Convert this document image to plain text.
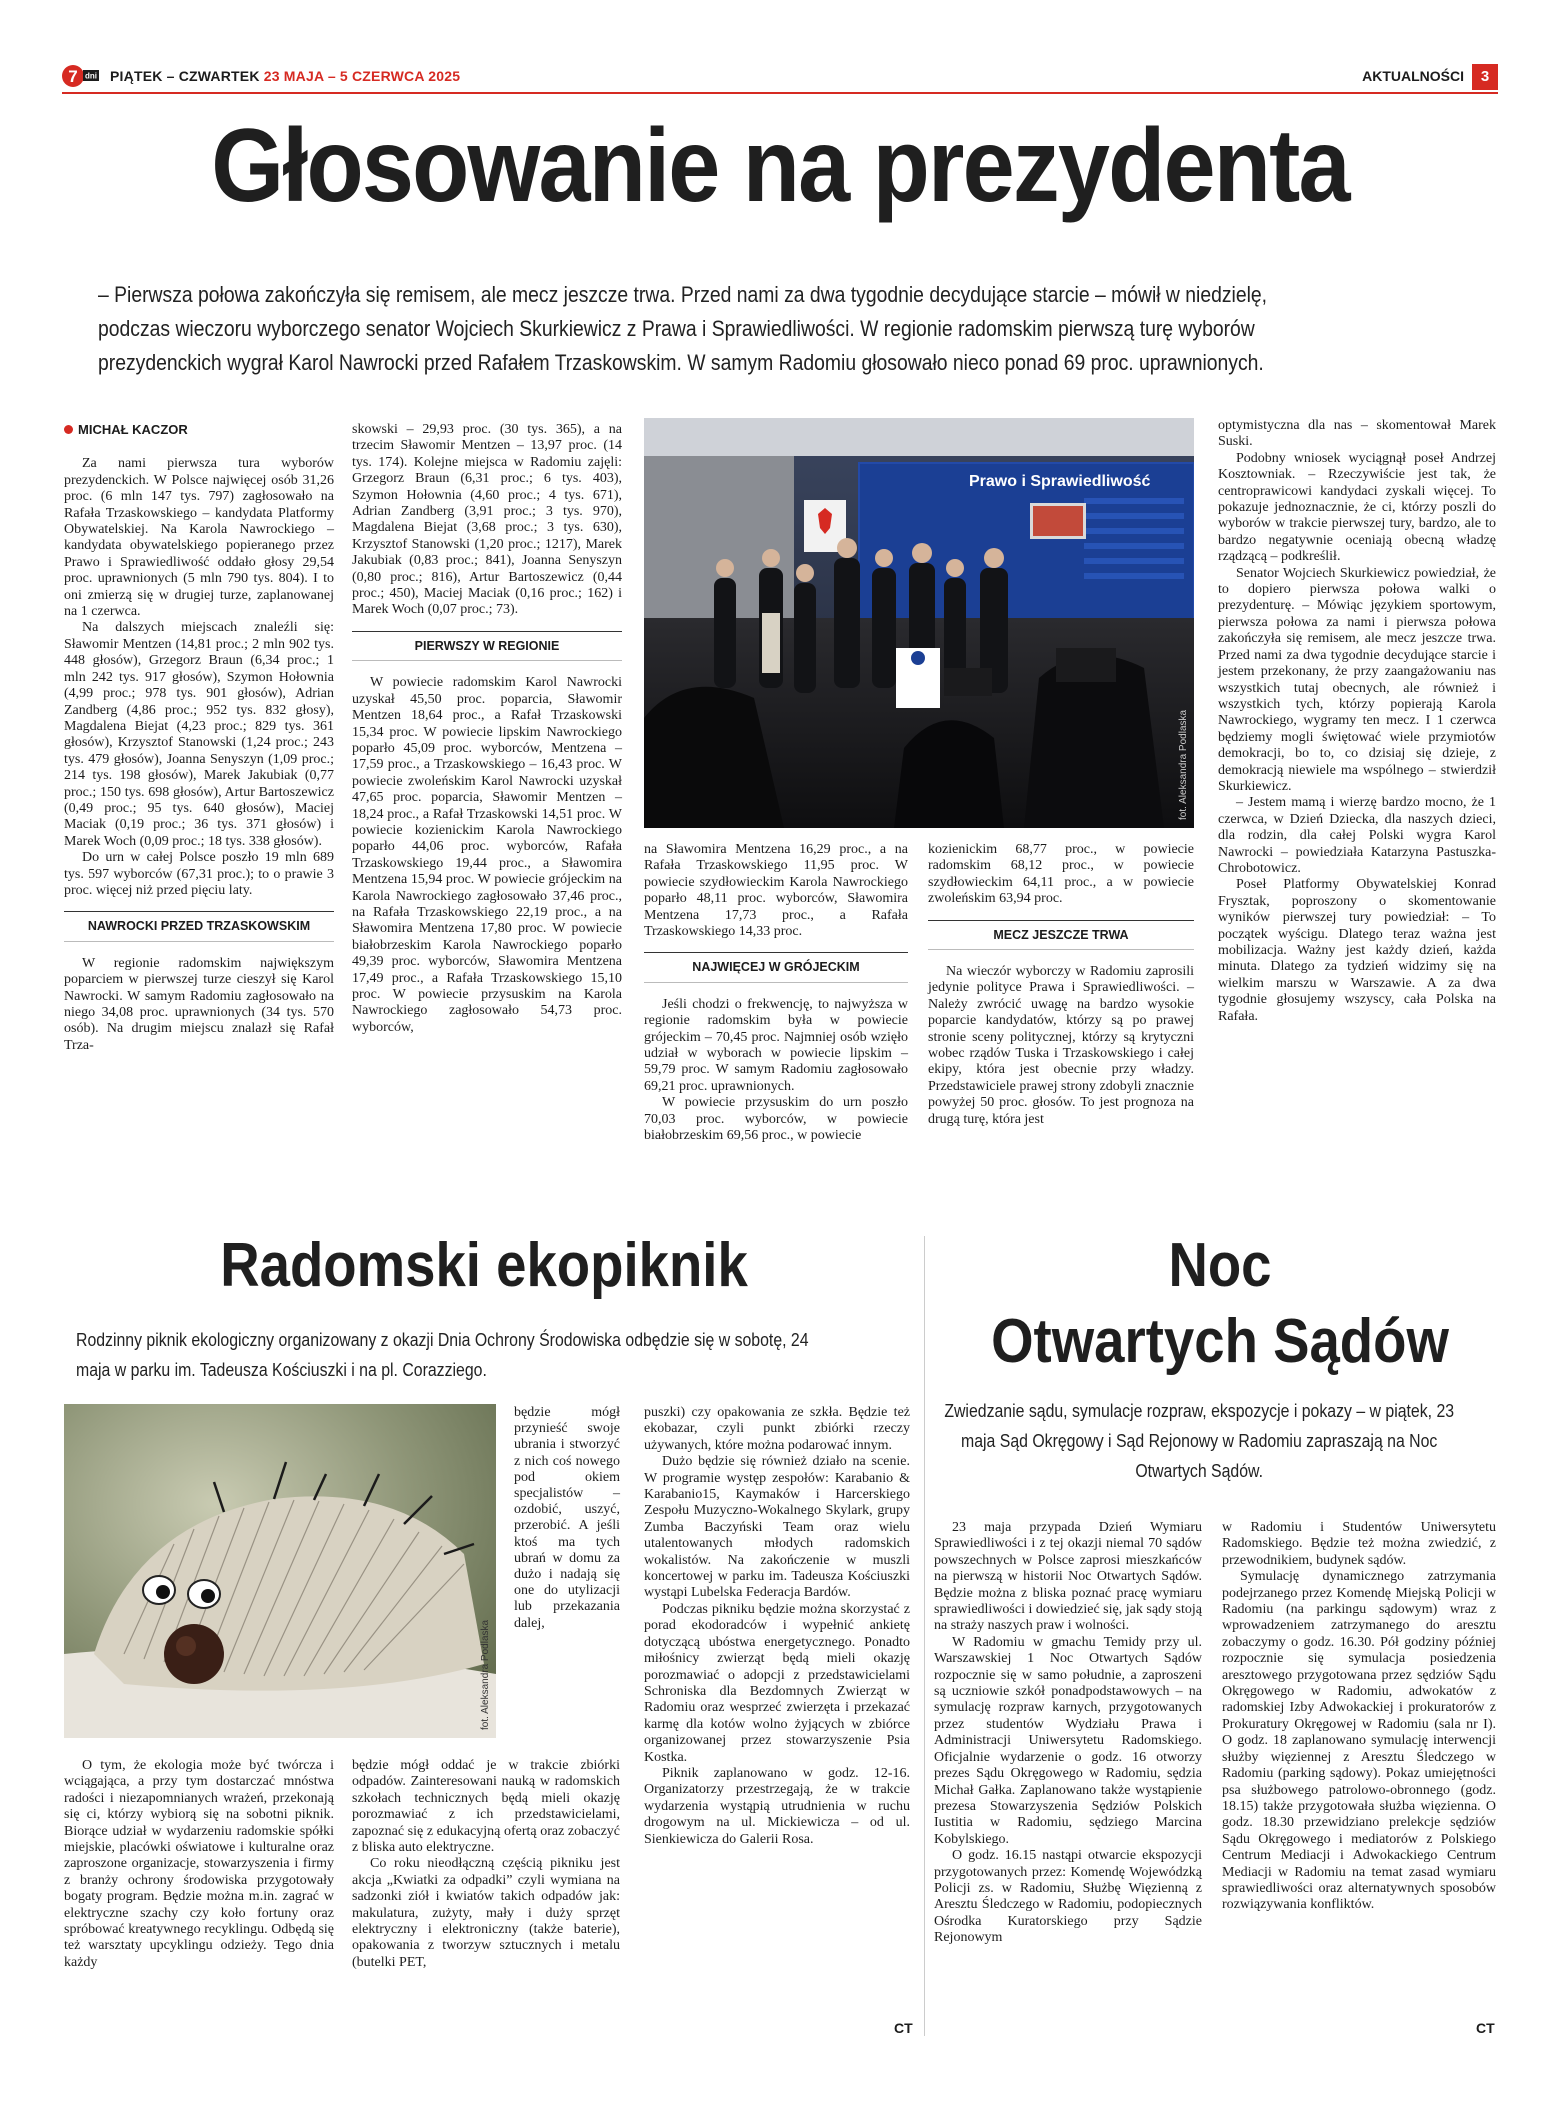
7 dni PIĄTEK – CZWARTEK 23 MAJA – 5 CZERWCA 2025	AKTUALNOŚCI	3
Głosowanie na prezydenta
– Pierwsza połowa zakończyła się remisem, ale mecz jeszcze trwa. Przed nami za dwa tygodnie decydujące starcie – mówił w niedzielę, podczas wieczoru wyborczego senator Wojciech Skurkiewicz z Prawa i Sprawiedliwości. W regionie radomskim pierwszą turę wyborów prezydenckich wygrał Karol Nawrocki przed Rafałem Trzaskowskim. W samym Radomiu głosowało nieco ponad 69 proc. uprawnionych.
MICHAŁ KACZOR

Za nami pierwsza tura wyborów prezydenckich. W Polsce najwięcej osób 31,26 proc. (6 mln 147 tys. 797) zagłosowało na Rafała Trzaskowskiego – kandydata Platformy Obywatelskiej. Na Karola Nawrockiego – kandydata obywatelskiego popieranego przez Prawo i Sprawiedliwość oddało głosy 29,54 proc. uprawnionych (5 mln 790 tys. 804). I to oni zmierzą się w drugiej turze, zaplanowanej na 1 czerwca.

Na dalszych miejscach znaleźli się: Sławomir Mentzen (14,81 proc.; 2 mln 902 tys. 448 głosów), Grzegorz Braun (6,34 proc.; 1 mln 242 tys. 917 głosów), Szymon Hołownia (4,99 proc.; 978 tys. 901 głosów), Adrian Zandberg (4,86 proc.; 952 tys. 832 głosy), Magdalena Biejat (4,23 proc.; 829 tys. 361 głosów), Krzysztof Stanowski (1,24 proc.; 243 tys. 479 głosów), Joanna Senyszyn (1,09 proc.; 214 tys. 198 głosów), Marek Jakubiak (0,77 proc.; 150 tys. 698 głosów), Artur Bartoszewicz (0,49 proc.; 95 tys. 640 głosów), Maciej Maciak (0,19 proc.; 36 tys. 371 głosów) i Marek Woch (0,09 proc.; 18 tys. 338 głosów).

Do urn w całej Polsce poszło 19 mln 689 tys. 597 wyborców (67,31 proc.); to o prawie 3 proc. więcej niż przed pięciu laty.

NAWROCKI PRZED TRZASKOWSKIM

W regionie radomskim największym poparciem w pierwszej turze cieszył się Karol Nawrocki. W samym Radomiu zagłosowało na niego 34,08 proc. uprawnionych (34 tys. 570 osób). Na drugim miejscu znalazł się Rafał Trza-

skowski – 29,93 proc. (30 tys. 365), a na trzecim Sławomir Mentzen – 13,97 proc. (14 tys. 174). Kolejne miejsca w Radomiu zajęli: Grzegorz Braun (6,31 proc.; 6 tys. 403), Szymon Hołownia (4,60 proc.; 4 tys. 671), Adrian Zandberg (3,91 proc.; 3 tys. 970), Magdalena Biejat (3,68 proc.; 3 tys. 630), Krzysztof Stanowski (1,20 proc.; 1217), Marek Jakubiak (0,83 proc.; 841), Joanna Senyszyn (0,80 proc.; 816), Artur Bartoszewicz (0,44 proc.; 450), Maciej Maciak (0,16 proc.; 162) i Marek Woch (0,07 proc.; 73).

PIERWSZY W REGIONIE

W powiecie radomskim Karol Nawrocki uzyskał 45,50 proc. poparcia, Sławomir Mentzen 18,64 proc., a Rafał Trzaskowski 15,34 proc. W powiecie lipskim Nawrockiego poparło 45,09 proc. wyborców, Mentzena – 17,59 proc., a Trzaskowskiego – 16,43 proc. W powiecie zwoleńskim Karol Nawrocki uzyskał 47,65 proc. poparcia, Sławomir Mentzen – 18,24 proc., a Rafał Trzaskowski 14,51 proc. W powiecie kozienickim Karola Nawrockiego poparło 44,06 proc. wyborców, Rafała Trzaskowskiego 19,44 proc., a Sławomira Mentzena 15,94 proc. W powiecie grójeckim na Karola Nawrockiego zagłosowało 37,46 proc., na Rafała Trzaskowskiego 22,19 proc., a na Sławomira Mentzena 17,80 proc. W powiecie białobrzeskim Karola Nawrockiego poparło 49,39 proc. wyborców, Sławomira Mentzena 17,49 proc., a Rafała Trzaskowskiego 15,10 proc. W powiecie przysuskim na Karola Nawrockiego zagłosowało 54,73 proc. wyborców,

Prawo i Sprawiedliwość
fot. Aleksandra Podlaska

na Sławomira Mentzena 16,29 proc., a na Rafała Trzaskowskiego 11,95 proc. W powiecie szydłowieckim Karola Nawrockiego poparło 48,11 proc. wyborców, Sławomira Mentzena 17,73 proc., a Rafała Trzaskowskiego 14,33 proc.

NAJWIĘCEJ W GRÓJECKIM

Jeśli chodzi o frekwencję, to najwyższa w regionie radomskim była w powiecie grójeckim – 70,45 proc. Najmniej osób wzięło udział w wyborach w powiecie lipskim – 59,79 proc. W samym Radomiu zagłosowało 69,21 proc. uprawnionych.

W powiecie przysuskim do urn poszło 70,03 proc. wyborców, w powiecie białobrzeskim 69,56 proc., w powiecie

kozienickim 68,77 proc., w powiecie radomskim 68,12 proc., w powiecie szydłowieckim 64,11 proc., a w powiecie zwoleńskim 63,94 proc.

MECZ JESZCZE TRWA

Na wieczór wyborczy w Radomiu zaprosili jedynie polityce Prawa i Sprawiedliwości. – Należy zwrócić uwagę na bardzo wysokie poparcie kandydatów, którzy są po prawej stronie sceny politycznej, którzy są krytyczni wobec rządów Tuska i Trzaskowskiego i całej ekipy, która jest obecnie przy władzy. Przedstawiciele prawej strony zdobyli znacznie powyżej 50 proc. głosów. To jest prognoza na drugą turę, która jest

optymistyczna dla nas – skomentował Marek Suski.

Podobny wniosek wyciągnął poseł Andrzej Kosztowniak. – Rzeczywiście jest tak, że centroprawicowi kandydaci zyskali więcej. To pokazuje jednoznacznie, że ci, którzy poszli do wyborów w trakcie pierwszej tury, bardzo, ale to bardzo negatywnie oceniają obecną władzę rządzącą – podkreślił.

Senator Wojciech Skurkiewicz powiedział, że to dopiero pierwsza połowa walki o prezydenturę. – Mówiąc językiem sportowym, pierwsza połowa za nami i pierwsza połowa zakończyła się remisem, ale mecz jeszcze trwa. Przed nami za dwa tygodnie decydujące starcie i jestem przekonany, że przy zaangażowaniu nas wszystkich tutaj obecnych, ale również i wszystkich tych, którzy popierają Karola Nawrockiego, wygramy ten mecz. I 1 czerwca będziemy mogli świętować wiele przymiotów demokracji, bo to, co dzisiaj się dzieje, z demokracją niewiele ma wspólnego – stwierdził Skurkiewicz.

– Jestem mamą i wierzę bardzo mocno, że 1 czerwca, w Dzień Dziecka, dla naszych dzieci, dla rodzin, dla całej Polski wygra Karol Nawrocki – powiedziała Katarzyna Pastuszka-Chrobotowicz.

Poseł Platformy Obywatelskiej Konrad Frysztak, poproszony o skomentowanie wyników pierwszej tury powiedział: – To początek wyścigu. Dlatego teraz ważna jest mobilizacja. Ważny jest każdy dzień, każda minuta. Dlatego za tydzień widzimy się na wielkim marszu w Warszawie. A za dwa tygodnie głosujemy wszyscy, cała Polska na Rafała.

Radomski ekopiknik
Rodzinny piknik ekologiczny organizowany z okazji Dnia Ochrony Środowiska odbędzie się w sobotę, 24 maja w parku im. Tadeusza Kościuszki i na pl. Corazziego.
fot. Aleksandra Podlaska

będzie mógł przynieść swoje ubrania i stworzyć z nich coś nowego pod okiem specjalistów – ozdobić, uszyć, przerobić. A jeśli ktoś ma tych ubrań w domu za dużo i nadają się one do utylizacji lub przekazania dalej,

O tym, że ekologia może być twórcza i wciągająca, a przy tym dostarczać mnóstwa radości i niezapomnianych wrażeń, przekonają się ci, którzy wybiorą się na sobotni piknik. Biorące udział w wydarzeniu radomskie spółki miejskie, placówki oświatowe i kulturalne oraz zaproszone organizacje, stowarzyszenia i firmy z branży ochrony środowiska przygotowały bogaty program. Będzie można m.in. zagrać w elektryczne szachy czy koło fortuny oraz spróbować kreatywnego recyklingu. Odbędą się też warsztaty upcyklingu odzieży. Tego dnia każdy

będzie mógł oddać je w trakcie zbiórki odpadów. Zainteresowani nauką w radomskich szkołach technicznych będą mieli okazję porozmawiać z ich przedstawicielami, zapoznać się z edukacyjną ofertą oraz zobaczyć z bliska auto elektryczne.

Co roku nieodłączną częścią pikniku jest akcja „Kwiatki za odpadki” czyli wymiana na sadzonki ziół i kwiatów takich odpadów jak: makulatura, zużyty, mały i duży sprzęt elektryczny i elektroniczny (także baterie), opakowania z tworzyw sztucznych i metalu (butelki PET,

puszki) czy opakowania ze szkła. Będzie też ekobazar, czyli punkt zbiórki rzeczy używanych, które można podarować innym.

Dużo będzie się również działo na scenie. W programie występ zespołów: Karabanio & Karabanio15, Kaymaków i Harcerskiego Zespołu Muzyczno-Wokalnego Skylark, grupy Zumba Baczyński Team oraz wielu utalentowanych młodych radomskich wokalistów. Na zakończenie w muszli koncertowej w parku im. Tadeusza Kościuszki wystąpi Lubelska Federacja Bardów.

Podczas pikniku będzie można skorzystać z porad ekodoradców i wypełnić ankietę dotyczącą ubóstwa energetycznego. Ponadto miłośnicy zwierząt będą mieli okazję porozmawiać o adopcji z przedstawicielami Schroniska dla Bezdomnych Zwierząt w Radomiu oraz wesprzeć zwierzęta i przekazać karmę dla kotów wolno żyjących w zbiórce organizowanej przez stowarzyszenie Psia Kostka.

Piknik zaplanowano w godz. 12-16. Organizatorzy przestrzegają, że w trakcie wydarzenia wystąpią utrudnienia w ruchu drogowym na ul. Mickiewicza – od ul. Sienkiewicza do Galerii Rosa.

CT
Noc
Otwartych Sądów
Zwiedzanie sądu, symulacje rozpraw, ekspozycje i pokazy – w piątek, 23 maja Sąd Okręgowy i Sąd Rejonowy w Radomiu zapraszają na Noc Otwartych Sądów.

23 maja przypada Dzień Wymiaru Sprawiedliwości i z tej okazji niemal 70 sądów powszechnych w Polsce zaprosi mieszkańców na pierwszą w historii Noc Otwartych Sądów. Będzie można z bliska poznać pracę wymiaru sprawiedliwości i dowiedzieć się, jak sądy stoją na straży naszych praw i wolności.

W Radomiu w gmachu Temidy przy ul. Warszawskiej 1 Noc Otwartych Sądów rozpocznie się w samo południe, a zaproszeni są uczniowie szkół ponadpodstawowych – na symulację rozpraw karnych, przygotowanych przez studentów Wydziału Prawa i Administracji Uniwersytetu Radomskiego. Oficjalnie wydarzenie o godz. 16 otworzy prezes Sądu Okręgowego w Radomiu, sędzia Michał Gałka. Zaplanowano także wystąpienie prezesa Stowarzyszenia Sędziów Polskich Iustitia w Radomiu, sędziego Marcina Kobylskiego.

O godz. 16.15 nastąpi otwarcie ekspozycji przygotowanych przez: Komendę Wojewódzką Policji zs. w Radomiu, Służbę Więzienną z Aresztu Śledczego w Radomiu, podopiecznych Ośrodka Kuratorskiego przy Sądzie Rejonowym

w Radomiu i Studentów Uniwersytetu Radomskiego. Będzie też można zwiedzić, z przewodnikiem, budynek sądów.

Symulację dynamicznego zatrzymania podejrzanego przez Komendę Miejską Policji w Radomiu (na parkingu sądowym) wraz z wprowadzeniem zatrzymanego do aresztu zobaczymy o godz. 16.30. Pół godziny później rozpocznie się symulacja posiedzenia aresztowego przygotowana przez sędziów Sądu Okręgowego w Radomiu, adwokatów z radomskiej Izby Adwokackiej i prokuratorów z Prokuratury Okręgowej w Radomiu (sala nr I). O godz. 18 zaplanowano symulację interwencji służby więziennej z Aresztu Śledczego w Radomiu (parking sądowy). Pokaz umiejętności psa służbowego patrolowo-obronnego (godz. 18.15) także przygotowała służba więzienna. O godz. 18.30 przewidziano prelekcje sędziów Sądu Okręgowego i mediatorów z Polskiego Centrum Mediacji i Adwokackiego Centrum Mediacji w Radomiu na temat zasad wymiaru sprawiedliwości oraz alternatywnych sposobów rozwiązywania konfliktów.

CT
